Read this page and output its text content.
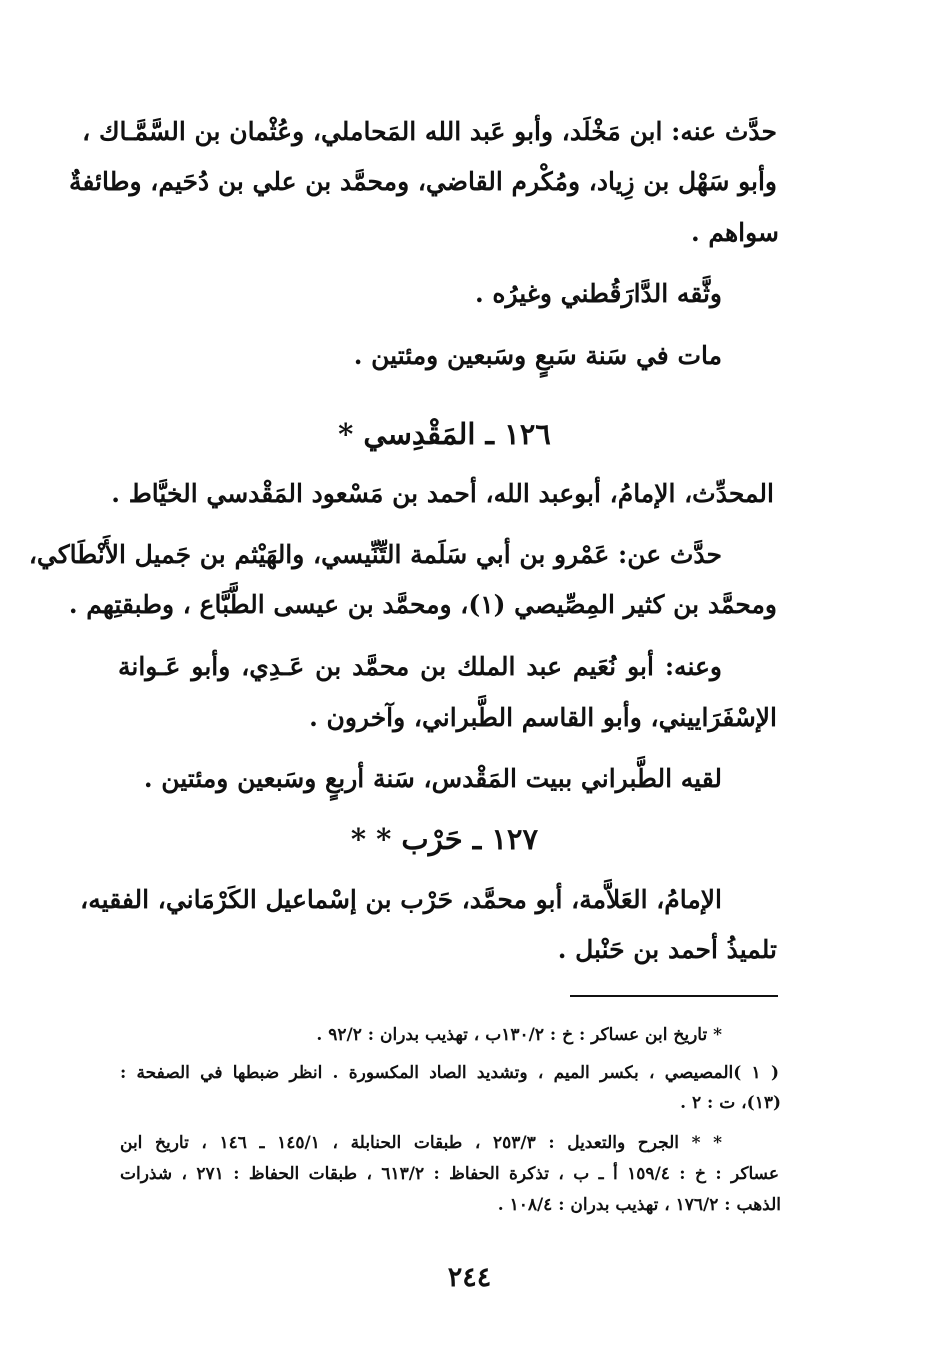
حدَّث عنه: ابن مَخْلَد، وأبو عَبد الله المَحاملي، وعُثْمان بن السَّمَّـاك ،
وأبو سَهْل بن زِياد، ومُكْرم القاضي، ومحمَّد بن علي بن دُحَيم، وطائفةٌ
سواهم .
وثَّقه الدَّارَقُطني وغيرُه .
مات في سَنة سَبعٍ وسَبعين ومئتين .
١٢٦ ـ المَقْدِسي *
المحدِّث، الإمامُ، أبوعبد الله، أحمد بن مَسْعود المَقْدسي الخيَّاط .
حدَّث عن: عَمْرو بن أبي سَلَمة التِّنِّيسي، والهَيْثم بن جَميل الأَنْطَاكي،
ومحمَّد بن كثير المِصِّيصي (١)، ومحمَّد بن عيسى الطَّبَّاع ، وطبقتِهم .
وعنه: أبو نُعَيم عبد الملك بن محمَّد بن عَـدِي، وأبو عَـوانة
الإسْفَرَاييني، وأبو القاسم الطَّبراني، وآخرون .
لقيه الطَّبراني ببيت المَقْدس، سَنة أربعٍ وسَبعين ومئتين .
١٢٧ ـ حَرْب * *
الإمامُ، العَلاَّمة، أبو محمَّد، حَرْب بن إسْماعيل الكَرْمَاني، الفقيه،
تلميذُ أحمد بن حَنْبل .
* تاريخ ابن عساكر : خ : ١٣٠/٢ب ، تهذيب بدران : ٩٢/٢ .
( ١ )المصيصي ، بكسر الميم ، وتشديد الصاد المكسورة . انظر ضبطها في الصفحة :
(١٣)، ت : ٢ .
* * الجرح والتعديل : ٢٥٣/٣ ، طبقات الحنابلة ، ١٤٥/١ ـ ١٤٦ ، تاريخ ابن
عساكر : خ : ١٥٩/٤ أ ـ ب ، تذكرة الحفاظ : ٦١٣/٢ ، طبقات الحفاظ : ٢٧١ ، شذرات
الذهب : ١٧٦/٢ ، تهذيب بدران : ١٠٨/٤ .
٢٤٤
